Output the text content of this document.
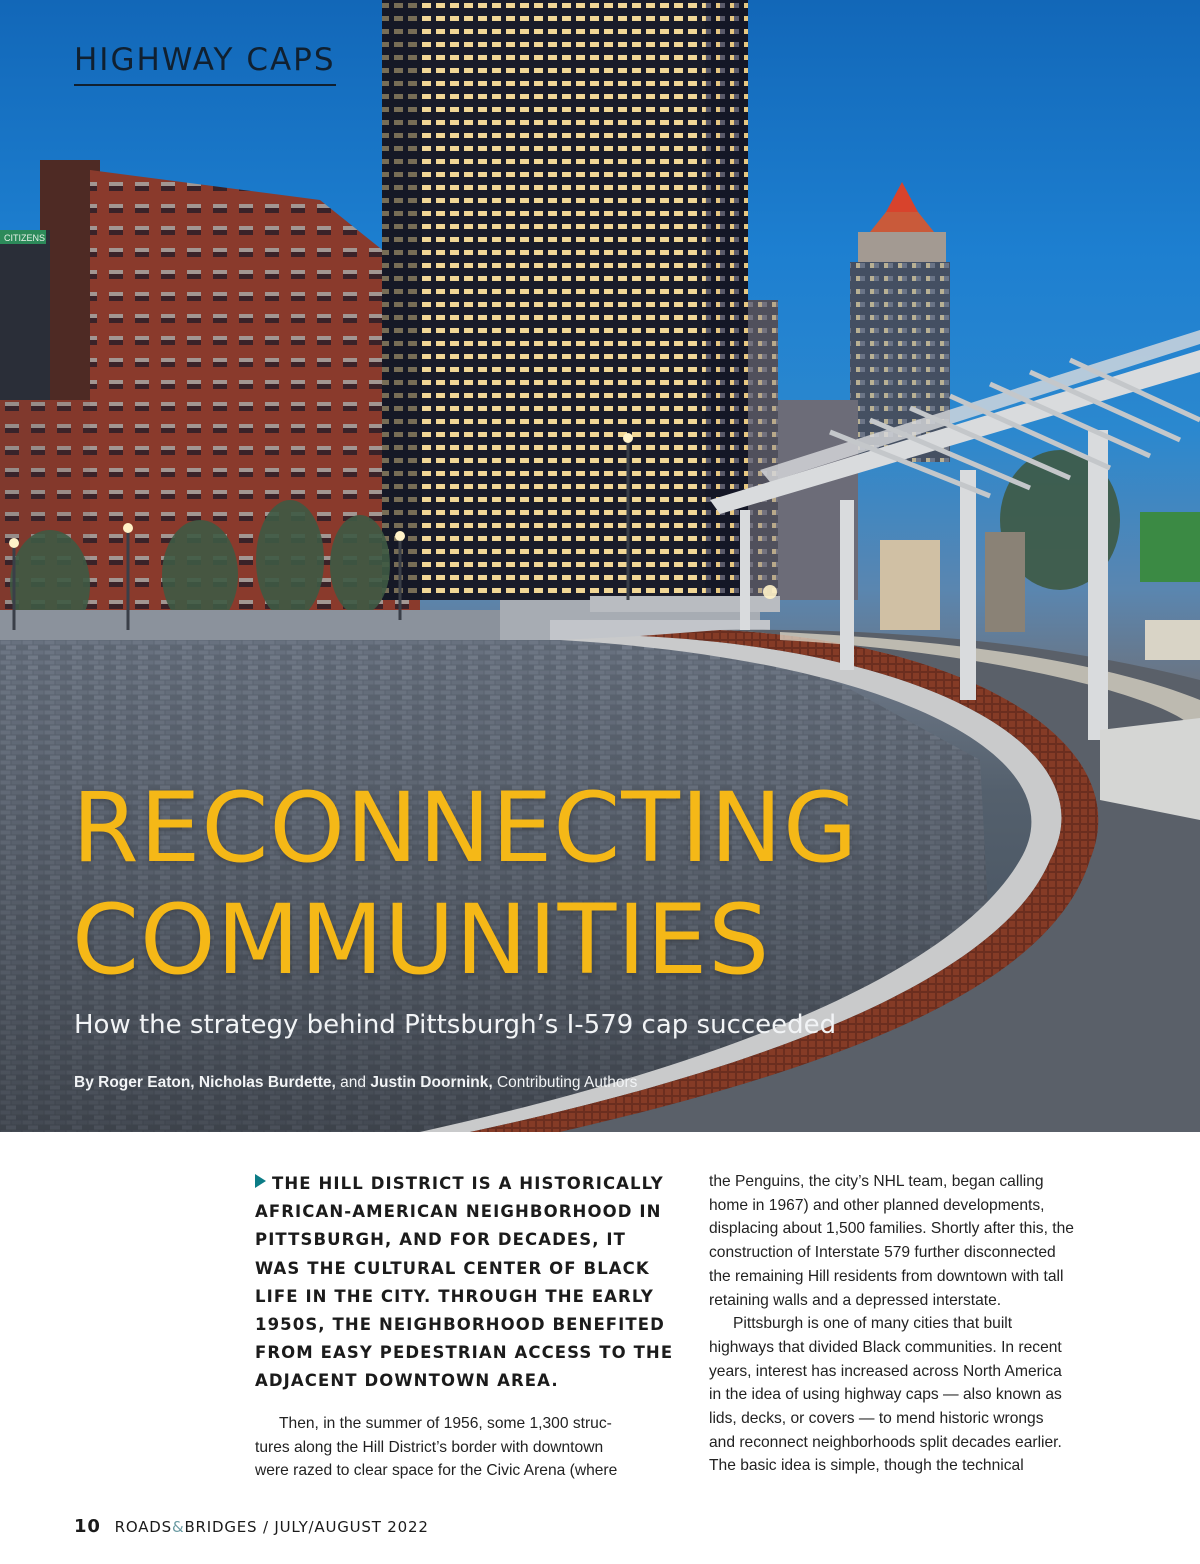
CITIZENS
HIGHWAY CAPS
RECONNECTING
COMMUNITIES
How the strategy behind Pittsburgh’s I-579 cap succeeded
By Roger Eaton, Nicholas Burdette, and Justin Doornink, Contributing Authors
THE HILL DISTRICT IS A HISTORICALLY AFRICAN-AMERICAN NEIGHBORHOOD IN PITTSBURGH, AND FOR DECADES, IT WAS THE CULTURAL CENTER OF BLACK LIFE IN THE CITY. THROUGH THE EARLY 1950S, THE NEIGHBORHOOD BENEFITED FROM EASY PEDESTRIAN ACCESS TO THE ADJACENT DOWNTOWN AREA.

Then, in the summer of 1956, some 1,300 struc-
tures along the Hill District’s border with downtown
were razed to clear space for the Civic Arena (where

the Penguins, the city’s NHL team, began calling
home in 1967) and other planned developments,
displacing about 1,500 families. Shortly after this, the
construction of Interstate 579 further disconnected
the remaining Hill residents from downtown with tall
retaining walls and a depressed interstate.

Pittsburgh is one of many cities that built
highways that divided Black communities. In recent
years, interest has increased across North America
in the idea of using highway caps — also known as
lids, decks, or covers — to mend historic wrongs
and reconnect neighborhoods split decades earlier.
The basic idea is simple, though the technical

10 ROADS&BRIDGES / JULY/AUGUST 2022
